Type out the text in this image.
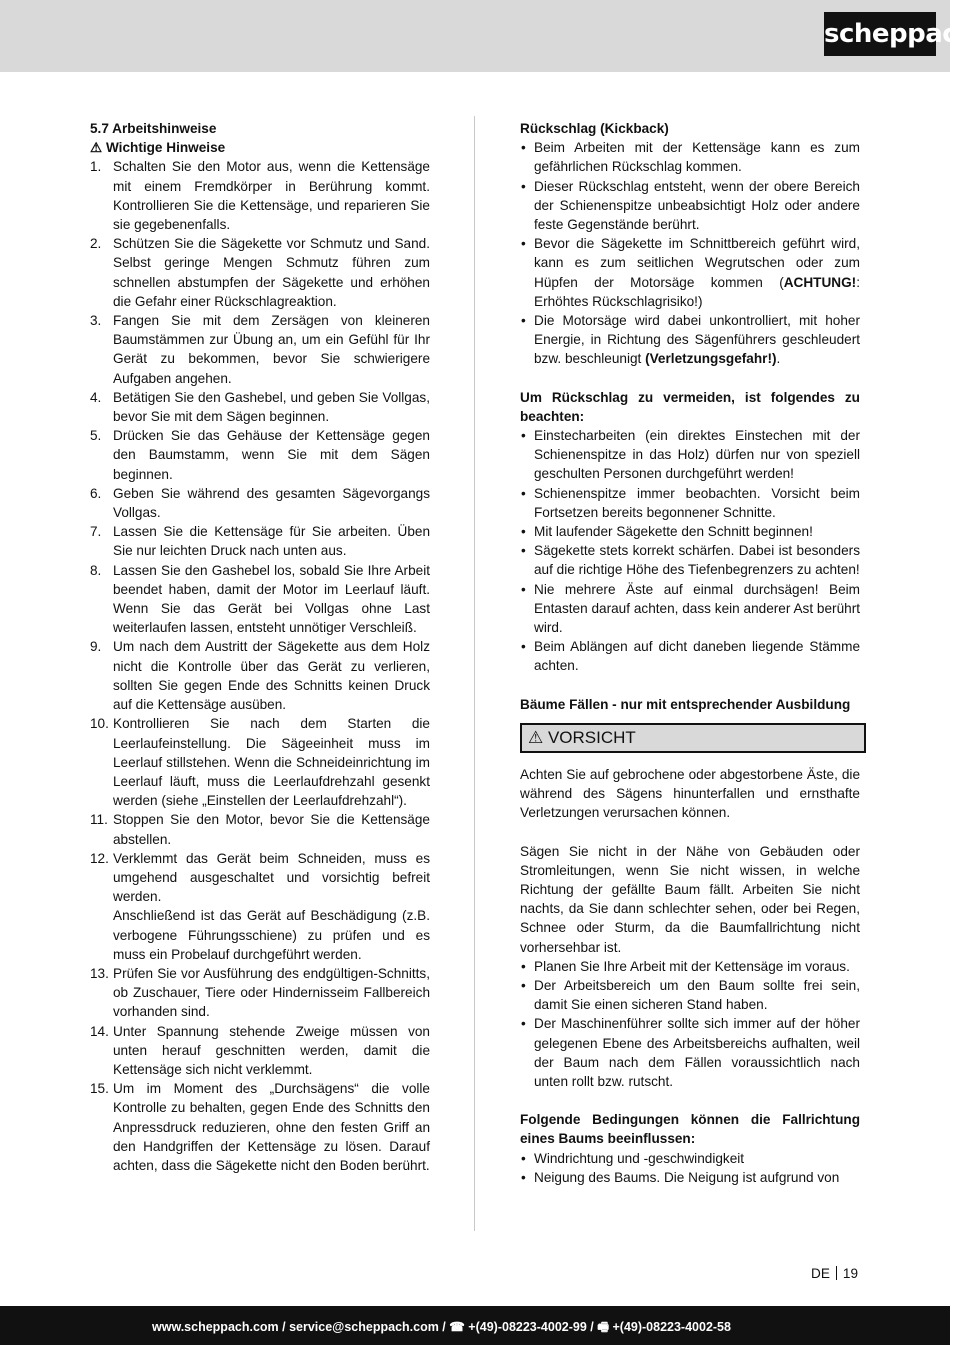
scheppach
5.7 Arbeitshinweise
⚠ Wichtige Hinweise
1. Schalten Sie den Motor aus, wenn die Kettensäge mit einem Fremdkörper in Berührung kommt. Kontrollieren Sie die Kettensäge, und reparieren Sie sie gegebenenfalls.
2. Schützen Sie die Sägekette vor Schmutz und Sand. Selbst geringe Mengen Schmutz führen zum schnellen abstumpfen der Sägekette und erhöhen die Gefahr einer Rückschlagreaktion.
3. Fangen Sie mit dem Zersägen von kleineren Baumstämmen zur Übung an, um ein Gefühl für Ihr Gerät zu bekommen, bevor Sie schwierigere Aufgaben angehen.
4. Betätigen Sie den Gashebel, und geben Sie Vollgas, bevor Sie mit dem Sägen beginnen.
5. Drücken Sie das Gehäuse der Kettensäge gegen den Baumstamm, wenn Sie mit dem Sägen beginnen.
6. Geben Sie während des gesamten Sägevorgangs Vollgas.
7. Lassen Sie die Kettensäge für Sie arbeiten. Üben Sie nur leichten Druck nach unten aus.
8. Lassen Sie den Gashebel los, sobald Sie Ihre Arbeit beendet haben, damit der Motor im Leerlauf läuft. Wenn Sie das Gerät bei Vollgas ohne Last weiterlaufen lassen, entsteht unnötiger Verschleiß.
9. Um nach dem Austritt der Sägekette aus dem Holz nicht die Kontrolle über das Gerät zu verlieren, sollten Sie gegen Ende des Schnitts keinen Druck auf die Kettensäge ausüben.
10. Kontrollieren Sie nach dem Starten die Leerlaufeinstellung. Die Sägeeinheit muss im Leerlauf stillstehen. Wenn die Schneideinrichtung im Leerlauf läuft, muss die Leerlaufdrehzahl gesenkt werden (siehe „Einstellen der Leerlaufdrehzahl“).
11. Stoppen Sie den Motor, bevor Sie die Kettensäge abstellen.
12. Verklemmt das Gerät beim Schneiden, muss es umgehend ausgeschaltet und vorsichtig befreit werden.
Anschließend ist das Gerät auf Beschädigung (z.B. verbogene Führungsschiene) zu prüfen und es muss ein Probelauf durchgeführt werden.
13. Prüfen Sie vor Ausführung des endgültigen-Schnitts, ob Zuschauer, Tiere oder Hindernisseim Fallbereich vorhanden sind.
14. Unter Spannung stehende Zweige müssen von unten herauf geschnitten werden, damit die Kettensäge sich nicht verklemmt.
15. Um im Moment des „Durchsägens“ die volle Kontrolle zu behalten, gegen Ende des Schnitts den Anpressdruck reduzieren, ohne den festen Griff an den Handgriffen der Kettensäge zu lösen. Darauf achten, dass die Sägekette nicht den Boden berührt.
Rückschlag (Kickback)
• Beim Arbeiten mit der Kettensäge kann es zum gefährlichen Rückschlag kommen.
• Dieser Rückschlag entsteht, wenn der obere Bereich der Schienenspitze unbeabsichtigt Holz oder andere feste Gegenstände berührt.
• Bevor die Sägekette im Schnittbereich geführt wird, kann es zum seitlichen Wegrutschen oder zum Hüpfen der Motorsäge kommen (ACHTUNG!: Erhöhtes Rückschlagrisiko!)
• Die Motorsäge wird dabei unkontrolliert, mit hoher Energie, in Richtung des Sägenführers geschleudert bzw. beschleunigt (Verletzungsgefahr!).
Um Rückschlag zu vermeiden, ist folgendes zu beachten:
• Einstecharbeiten (ein direktes Einstechen mit der Schienenspitze in das Holz) dürfen nur von speziell geschulten Personen durchgeführt werden!
• Schienenspitze immer beobachten. Vorsicht beim Fortsetzen bereits begonnener Schnitte.
• Mit laufender Sägekette den Schnitt beginnen!
• Sägekette stets korrekt schärfen. Dabei ist besonders auf die richtige Höhe des Tiefenbegrenzers zu achten!
• Nie mehrere Äste auf einmal durchsägen! Beim Entasten darauf achten, dass kein anderer Ast berührt wird.
• Beim Ablängen auf dicht daneben liegende Stämme achten.
Bäume Fällen - nur mit entsprechender Ausbildung
⚠ VORSICHT
Achten Sie auf gebrochene oder abgestorbene Äste, die während des Sägens hinunterfallen und ernsthafte Verletzungen verursachen können.
Sägen Sie nicht in der Nähe von Gebäuden oder Stromleitungen, wenn Sie nicht wissen, in welche Richtung der gefällte Baum fällt. Arbeiten Sie nicht nachts, da Sie dann schlechter sehen, oder bei Regen, Schnee oder Sturm, da die Baumfallrichtung nicht vorhersehbar ist.
• Planen Sie Ihre Arbeit mit der Kettensäge im voraus.
• Der Arbeitsbereich um den Baum sollte frei sein, damit Sie einen sicheren Stand haben.
• Der Maschinenführer sollte sich immer auf der höher gelegenen Ebene des Arbeitsbereichs aufhalten, weil der Baum nach dem Fällen voraussichtlich nach unten rollt bzw. rutscht.
Folgende Bedingungen können die Fallrichtung eines Baums beeinflussen:
• Windrichtung und -geschwindigkeit
• Neigung des Baums. Die Neigung ist aufgrund von
DE 19
www.scheppach.com / service@scheppach.com / ☎ +(49)-08223-4002-99 / 🖷 +(49)-08223-4002-58
